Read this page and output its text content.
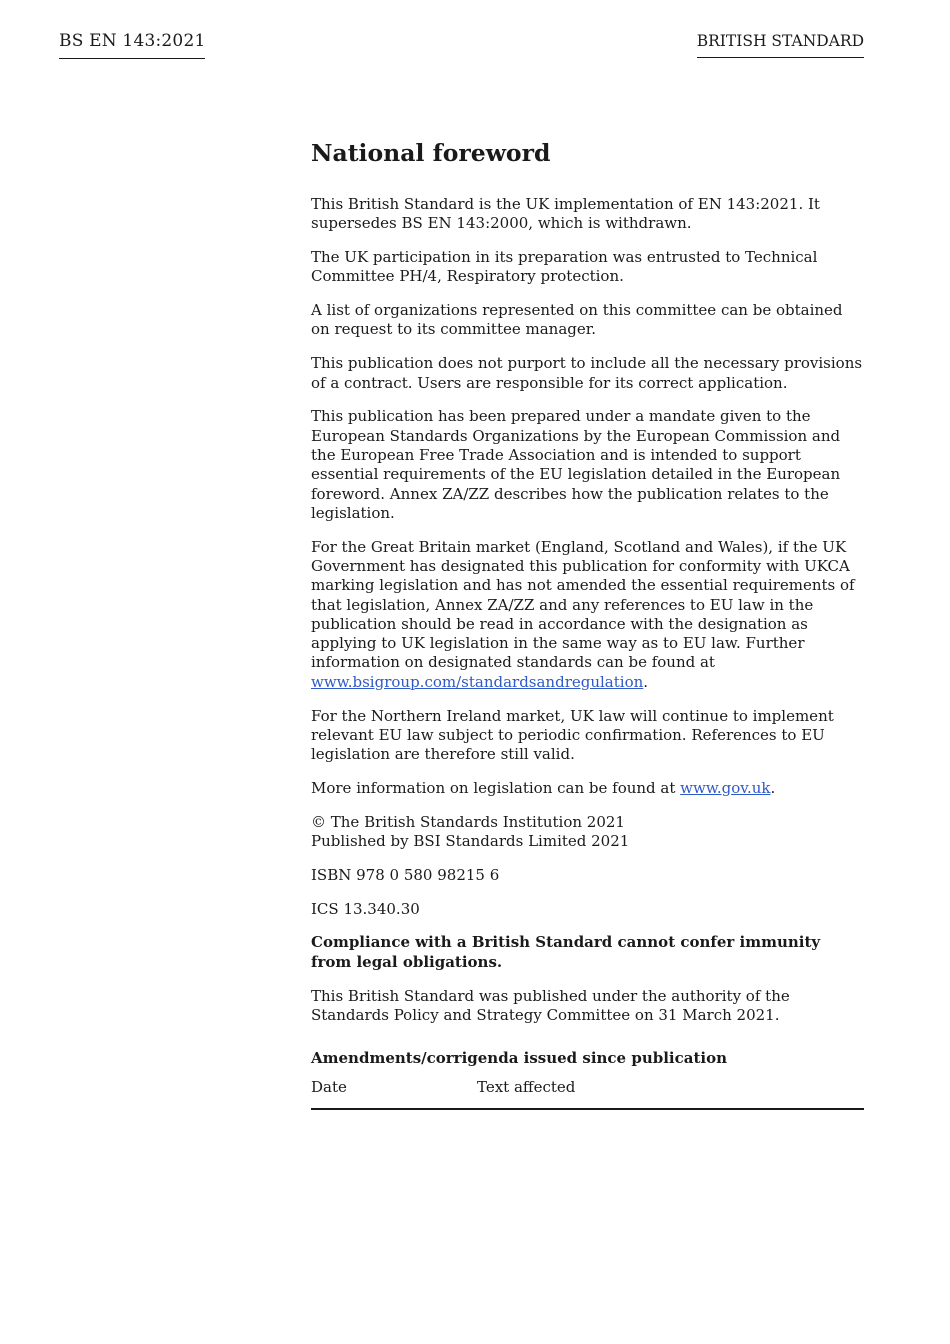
BS EN 143:2021	BRITISH STANDARD
National foreword

This British Standard is the UK implementation of EN 143:2021. It supersedes BS EN 143:2000, which is withdrawn.

The UK participation in its preparation was entrusted to Technical Committee PH/4, Respiratory protection.

A list of organizations represented on this committee can be obtained on request to its committee manager.

This publication does not purport to include all the necessary provisions of a contract. Users are responsible for its correct application.

This publication has been prepared under a mandate given to the European Standards Organizations by the European Commission and the European Free Trade Association and is intended to support essential requirements of the EU legislation detailed in the European foreword. Annex ZA/ZZ describes how the publication relates to the legislation.

For the Great Britain market (England, Scotland and Wales), if the UK Government has designated this publication for conformity with UKCA marking legislation and has not amended the essential requirements of that legislation, Annex ZA/ZZ and any references to EU law in the publication should be read in accordance with the designation as applying to UK legislation in the same way as to EU law. Further information on designated standards can be found at www.bsigroup.com/standardsandregulation.

For the Northern Ireland market, UK law will continue to implement relevant EU law subject to periodic confirmation. References to EU legislation are therefore still valid.

More information on legislation can be found at www.gov.uk.

© The British Standards Institution 2021
Published by BSI Standards Limited 2021

ISBN 978 0 580 98215 6

ICS 13.340.30

Compliance with a British Standard cannot confer immunity from legal obligations.

This British Standard was published under the authority of the Standards Policy and Strategy Committee on 31 March 2021.

Amendments/corrigenda issued since publication
Date	Text affected
